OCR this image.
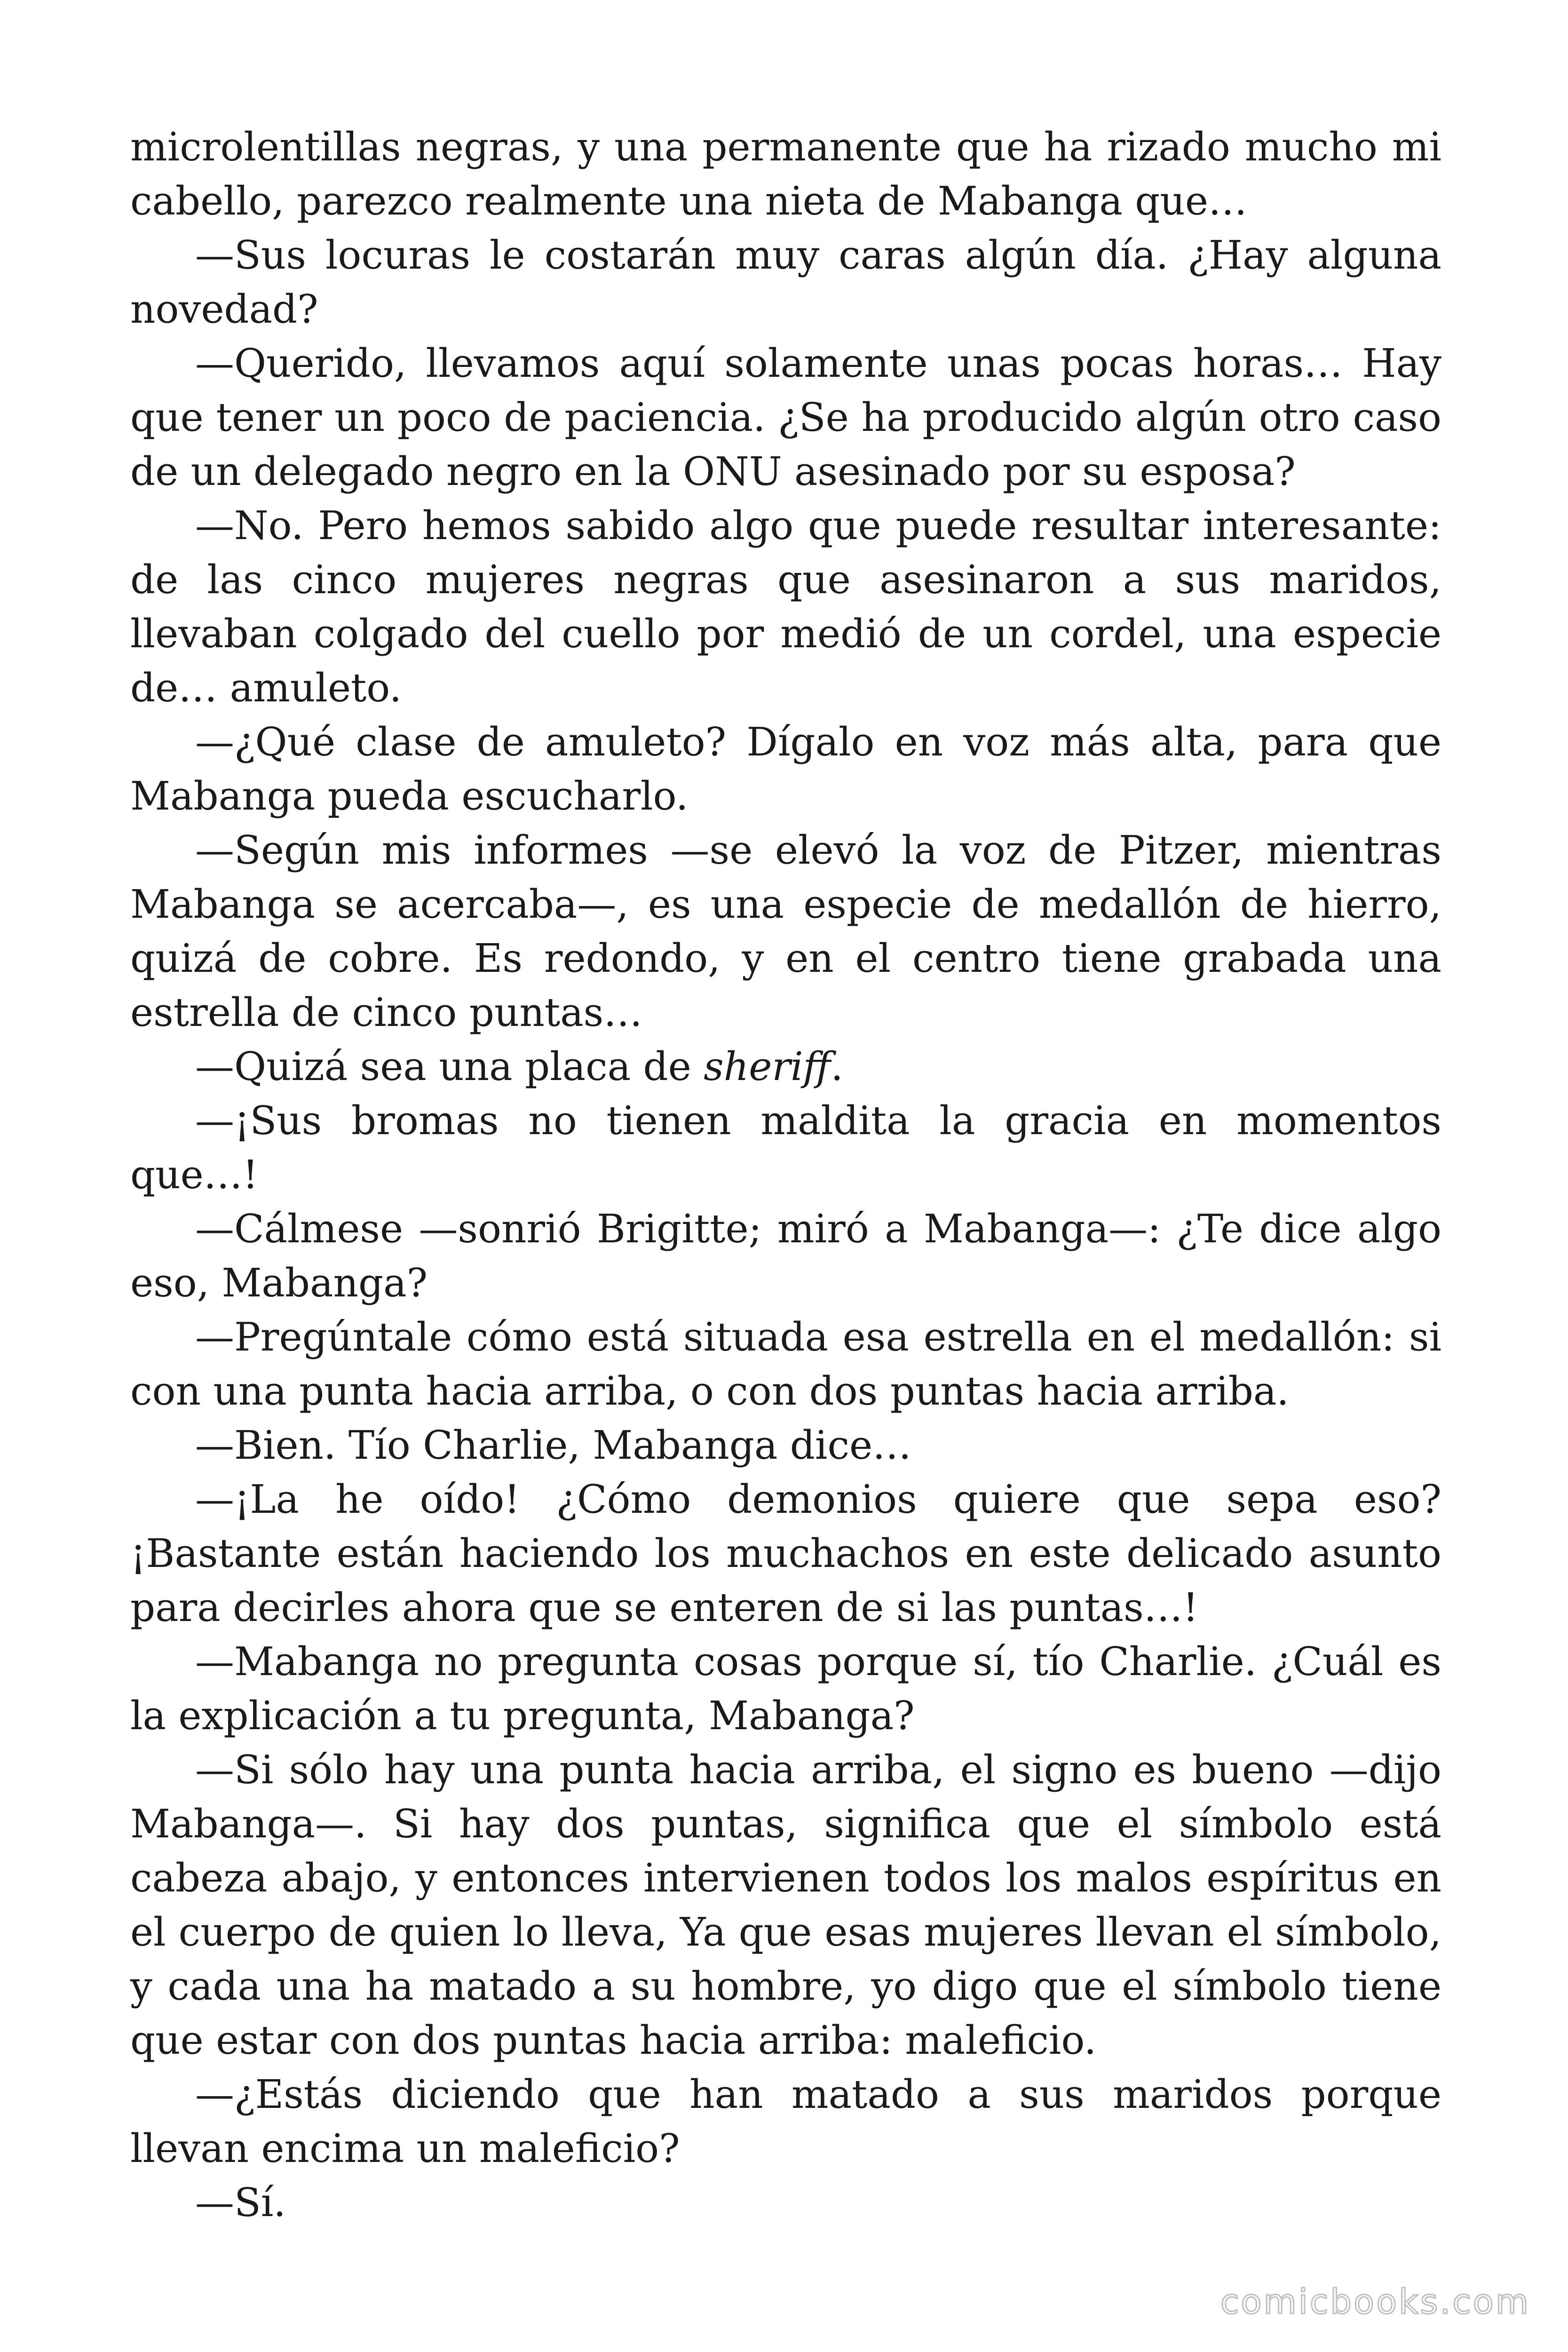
microlentillas negras, y una permanente que ha rizado mucho mi cabello, parezco realmente una nieta de Mabanga que…

—Sus locuras le costarán muy caras algún día. ¿Hay alguna novedad?

—Querido, llevamos aquí solamente unas pocas horas… Hay que tener un poco de paciencia. ¿Se ha producido algún otro caso de un delegado negro en la ONU asesinado por su esposa?

—No. Pero hemos sabido algo que puede resultar interesante: de las cinco mujeres negras que asesinaron a sus maridos, llevaban colgado del cuello por medió de un cordel, una especie de… amuleto.

—¿Qué clase de amuleto? Dígalo en voz más alta, para que Mabanga pueda escucharlo.

—Según mis informes —se elevó la voz de Pitzer, mientras Mabanga se acercaba—, es una especie de medallón de hierro, quizá de cobre. Es redondo, y en el centro tiene grabada una estrella de cinco puntas…

—Quizá sea una placa de sheriff.

—¡Sus bromas no tienen maldita la gracia en momentos que…!

—Cálmese —sonrió Brigitte; miró a Mabanga—: ¿Te dice algo eso, Mabanga?

—Pregúntale cómo está situada esa estrella en el medallón: si con una punta hacia arriba, o con dos puntas hacia arriba.

—Bien. Tío Charlie, Mabanga dice…

—¡La he oído! ¿Cómo demonios quiere que sepa eso? ¡Bastante están haciendo los muchachos en este delicado asunto para decirles ahora que se enteren de si las puntas…!

—Mabanga no pregunta cosas porque sí, tío Charlie. ¿Cuál es la explicación a tu pregunta, Mabanga?

—Si sólo hay una punta hacia arriba, el signo es bueno —dijo Mabanga—. Si hay dos puntas, significa que el símbolo está cabeza abajo, y entonces intervienen todos los malos espíritus en el cuerpo de quien lo lleva, Ya que esas mujeres llevan el símbolo, y cada una ha matado a su hombre, yo digo que el símbolo tiene que estar con dos puntas hacia arriba: maleficio.

—¿Estás diciendo que han matado a sus maridos porque llevan encima un maleficio?

—Sí.

comicbooks.com
